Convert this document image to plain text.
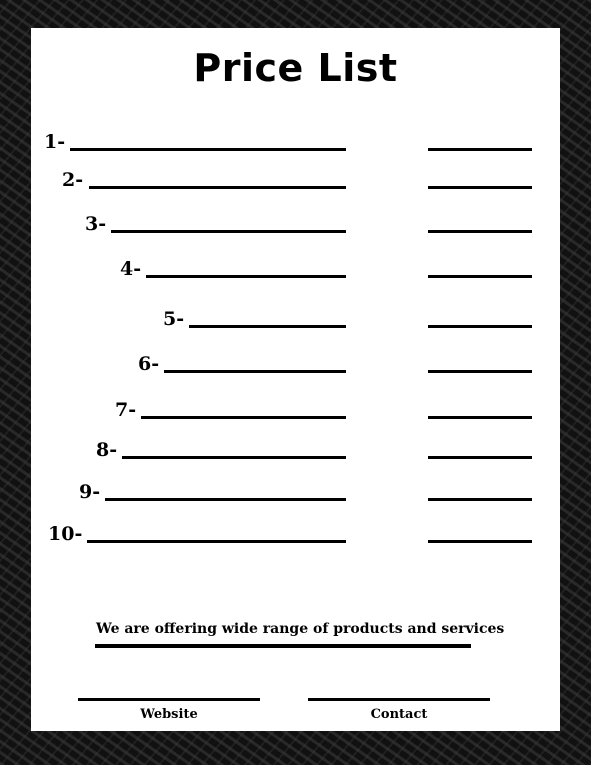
Price List
1-
2-
3-
4-
5-
6-
7-
8-
9-
10-
We are offering wide range of products and services
Website	Contact
